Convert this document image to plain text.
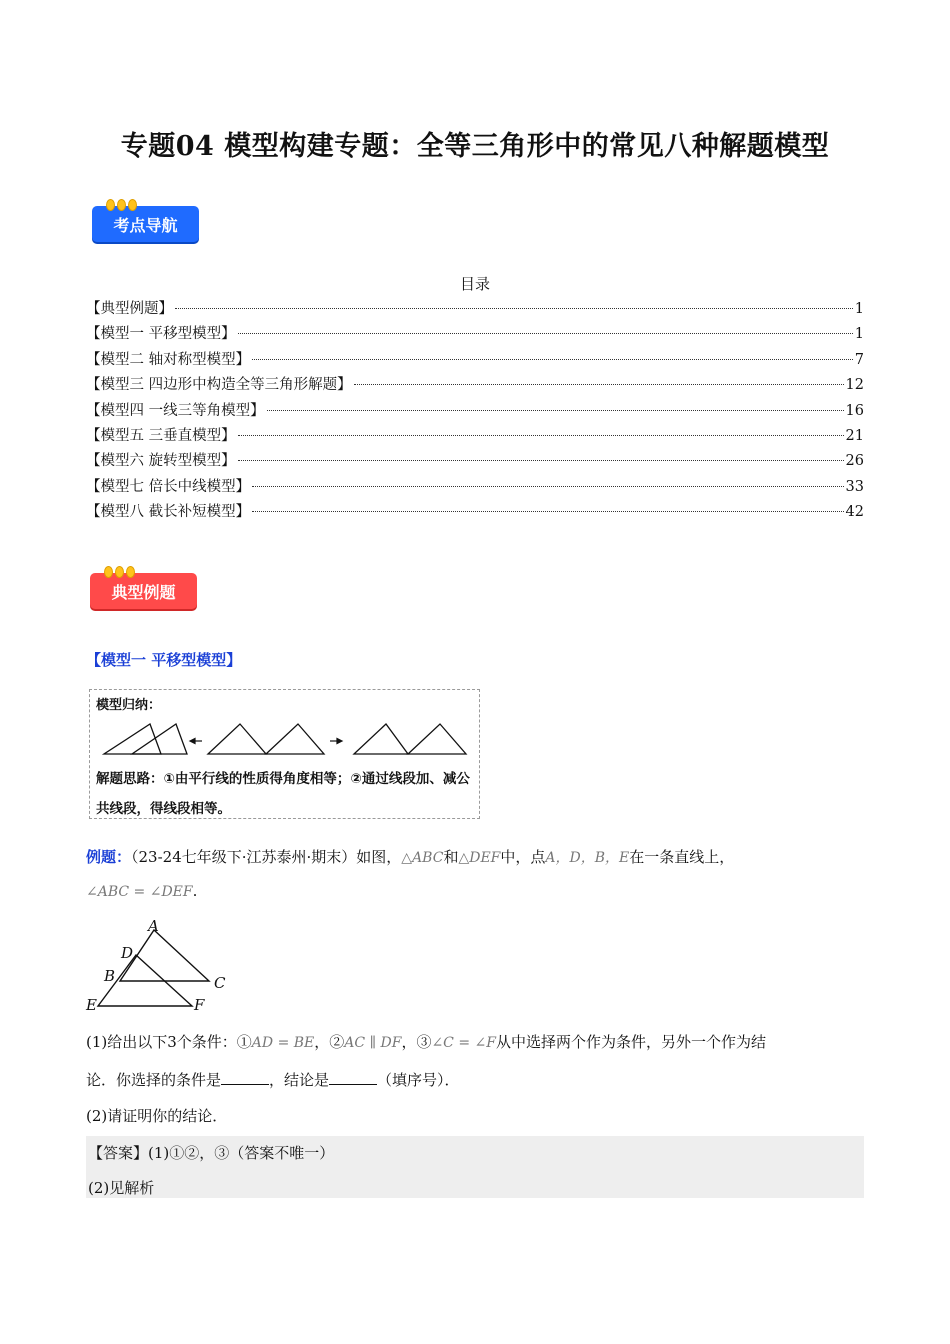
专题04 模型构建专题：全等三角形中的常见八种解题模型
考点导航
目录
【典型例题】	1
【模型一 平移型模型】	1
【模型二 轴对称型模型】	7
【模型三 四边形中构造全等三角形解题】	12
【模型四 一线三等角模型】	16
【模型五 三垂直模型】	21
【模型六 旋转型模型】	26
【模型七 倍长中线模型】	33
【模型八 截长补短模型】	42
典型例题
【模型一 平移型模型】
模型归纳：
解题思路：①由平行线的性质得角度相等；②通过线段加、减公共线段，得线段相等。
例题：（23-24七年级下·江苏泰州·期末）如图，△ABC和△DEF中，点A，D，B，E在一条直线上，
∠ABC = ∠DEF.
A
D
B	C
E	F
(1)给出以下3个条件：①AD = BE，②AC ∥ DF，③∠C = ∠F从中选择两个作为条件，另外一个作为结
论．你选择的条件是	，结论是	（填序号）．
(2)请证明你的结论．
【答案】(1)①②，③（答案不唯一）
(2)见解析
